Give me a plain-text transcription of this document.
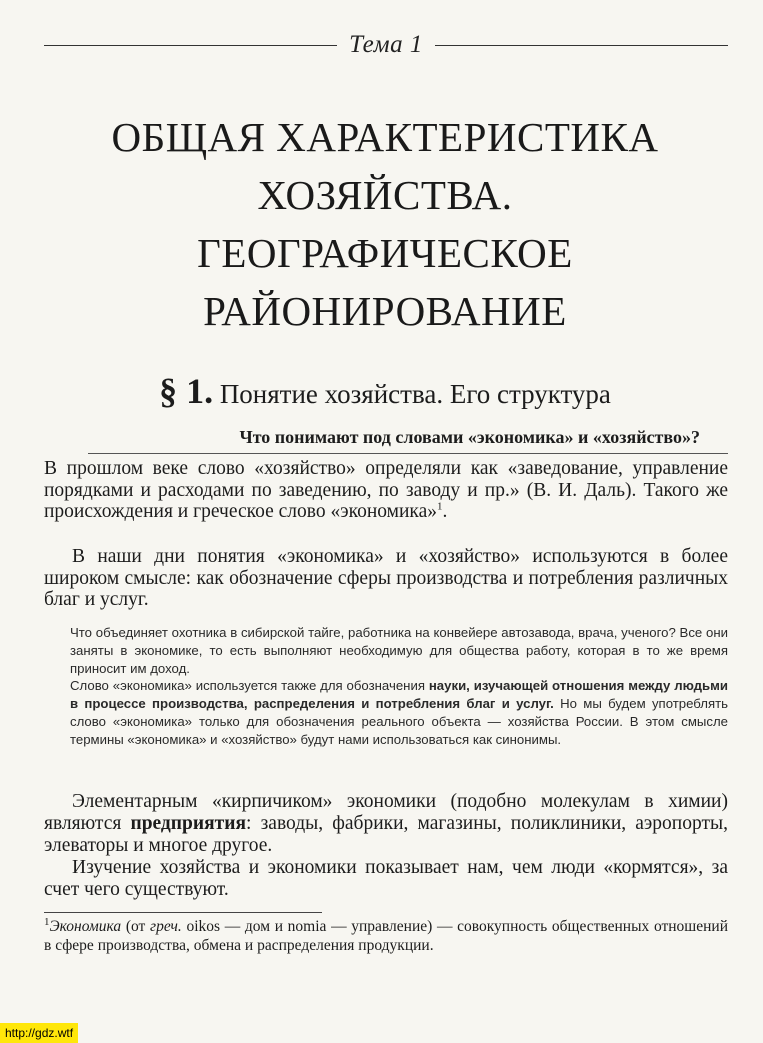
Тема 1
ОБЩАЯ ХАРАКТЕРИСТИКА
ХОЗЯЙСТВА.
ГЕОГРАФИЧЕСКОЕ
РАЙОНИРОВАНИЕ
§ 1. Понятие хозяйства. Его структура
Что понимают под словами «экономика» и «хозяйство»?

В прошлом веке слово «хозяйство» определяли как «заведование, управление порядками и расходами по заведению, по заводу и пр.» (В. И. Даль). Такого же происхождения и греческое слово «экономика»$^1$.

В наши дни понятия «экономика» и «хозяйство» используются в более широком смысле: как обозначение сферы производства и потребления различных благ и услуг.

Что объединяет охотника в сибирской тайге, работника на конвейере автозавода, врача, ученого? Все они заняты в экономике, то есть выполняют необходимую для общества работу, которая в то же время приносит им доход.

Слово «экономика» используется также для обозначения науки, изучающей отношения между людьми в процессе производства, распределения и потребления благ и услуг. Но мы будем употреблять слово «экономика» только для обозначения реального объекта — хозяйства России. В этом смысле термины «экономика» и «хозяйство» будут нами использоваться как синонимы.

Элементарным «кирпичиком» экономики (подобно молекулам в химии) являются предприятия: заводы, фабрики, магазины, поликлиники, аэропорты, элеваторы и многое другое.

Изучение хозяйства и экономики показывает нам, чем люди «кормятся», за счет чего существуют.

$^1$Экономика (от греч. oikos — дом и nomia — управление) — совокупность общественных отношений в сфере производства, обмена и распределения продукции.

http://gdz.wtf
